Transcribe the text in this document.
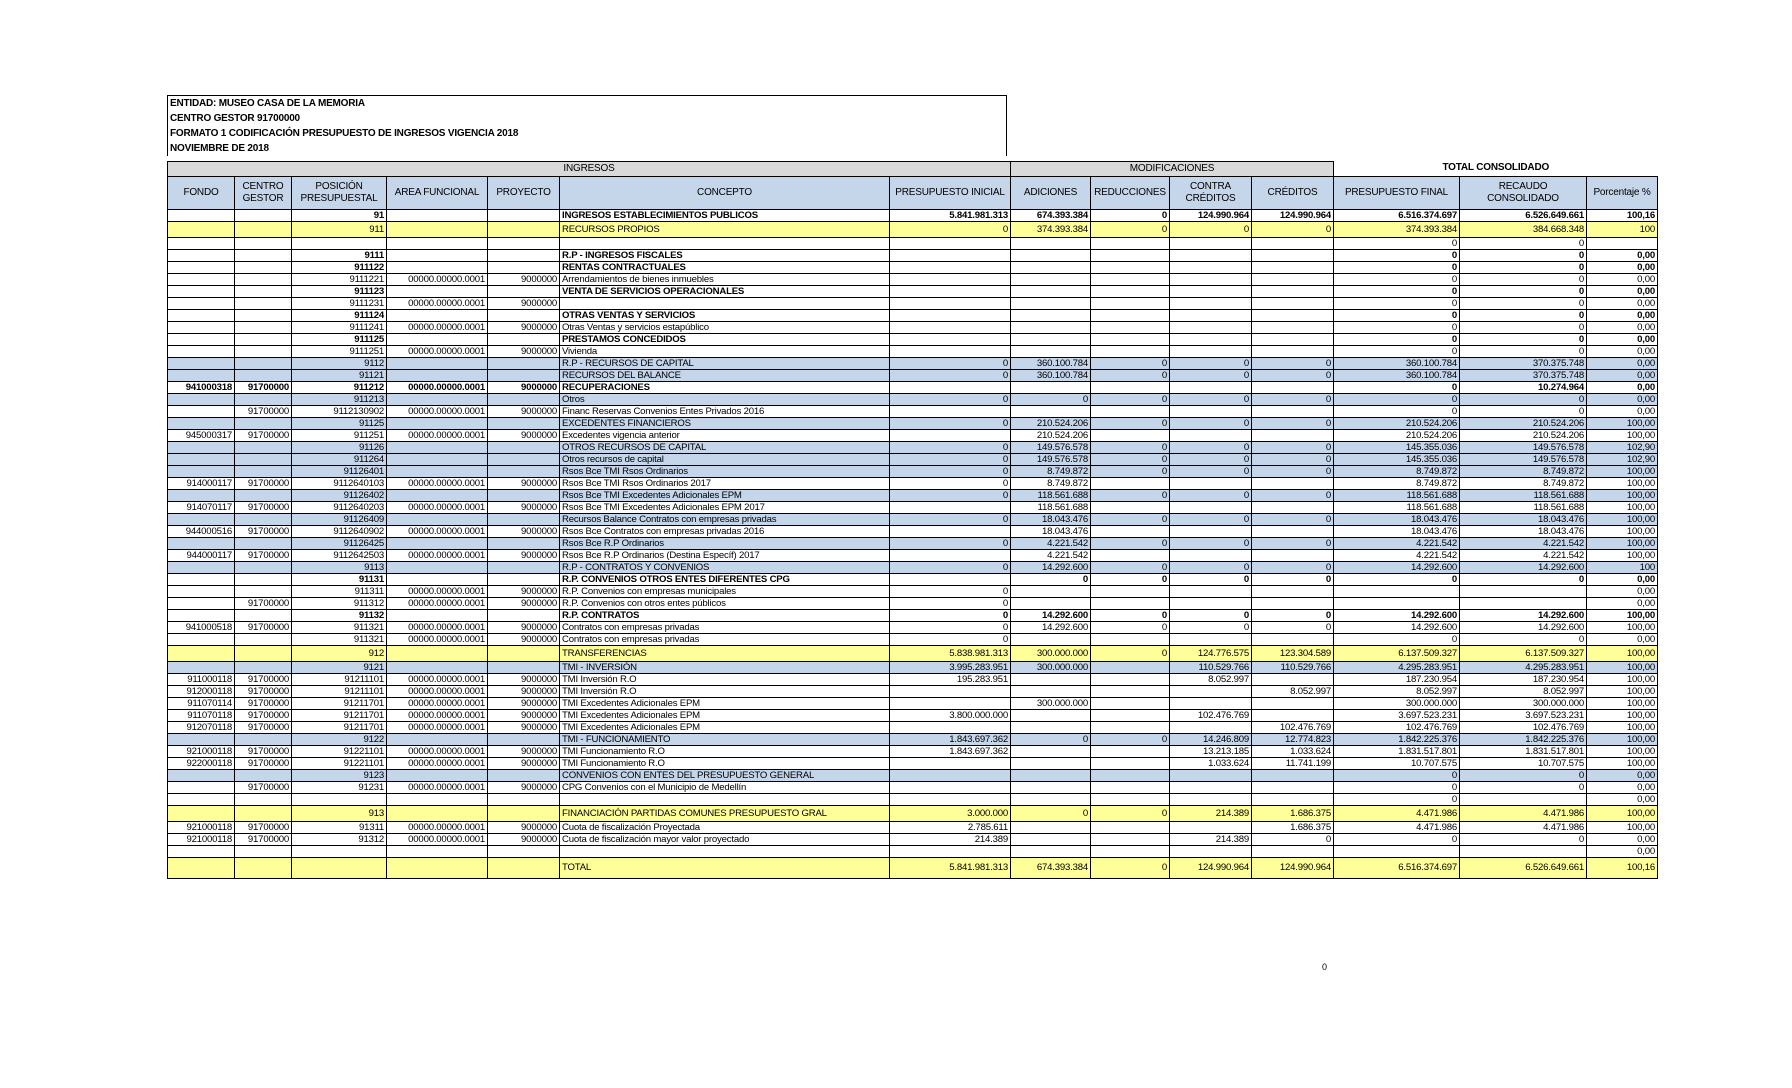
ENTIDAD: MUSEO CASA DE LA MEMORIA
CENTRO GESTOR 91700000
FORMATO 1 CODIFICACIÓN PRESUPUESTO DE INGRESOS VIGENCIA 2018
NOVIEMBRE DE 2018

INGRESOS							MODIFICACIONES				TOTAL CONSOLIDADO		
FONDO	CENTRO GESTOR	POSICIÓN PRESUPUESTAL	AREA FUNCIONAL	PROYECTO	CONCEPTO	PRESUPUESTO INICIAL	ADICIONES	REDUCCIONES	CONTRA CRÉDITOS	CRÉDITOS	PRESUPUESTO FINAL	RECAUDO CONSOLIDADO	Porcentaje %
		91			INGRESOS ESTABLECIMIENTOS PUBLICOS	5.841.981.313	674.393.384	0	124.990.964	124.990.964	6.516.374.697	6.526.649.661	100,16
		911			RECURSOS PROPIOS	0	374.393.384	0	0	0	374.393.384	384.668.348	100
											0	0	
		9111			R.P - INGRESOS FISCALES						0	0	0,00
		911122			RENTAS CONTRACTUALES						0	0	0,00
		9111221	00000.00000.0001	9000000	Arrendamientos de bienes inmuebles						0	0	0,00
		911123			VENTA DE SERVICIOS OPERACIONALES						0	0	0,00
		9111231	00000.00000.0001	9000000							0	0	0,00
		911124			OTRAS VENTAS Y SERVICIOS						0	0	0,00
		9111241	00000.00000.0001	9000000	Otras Ventas y servicios estapúblico						0	0	0,00
		911125			PRESTAMOS CONCEDIDOS						0	0	0,00
		9111251	00000.00000.0001	9000000	Vivienda						0	0	0,00
		9112			R.P - RECURSOS DE CAPITAL	0	360.100.784	0	0	0	360.100.784	370.375.748	0,00
		91121			RECURSOS DEL BALANCE	0	360.100.784	0	0	0	360.100.784	370.375.748	0,00
941000318	91700000	911212	00000.00000.0001	9000000	RECUPERACIONES						0	10.274.964	0,00
		911213			Otros	0	0	0	0	0	0	0	0,00
	91700000	9112130902	00000.00000.0001	9000000	Financ Reservas Convenios Entes Privados 2016						0	0	0,00
		91125			EXCEDENTES FINANCIEROS	0	210.524.206	0	0	0	210.524.206	210.524.206	100,00
945000317	91700000	911251	00000.00000.0001	9000000	Excedentes vigencia anterior		210.524.206				210.524.206	210.524.206	100,00
		91126			OTROS RECURSOS DE CAPITAL	0	149.576.578	0	0	0	145.355.036	149.576.578	102,90
		911264			Otros recursos de capital	0	149.576.578	0	0	0	145.355.036	149.576.578	102,90
		91126401			Rsos Bce TMI Rsos Ordinarios	0	8.749.872	0	0	0	8.749.872	8.749.872	100,00
914000117	91700000	9112640103	00000.00000.0001	9000000	Rsos Bce TMI Rsos Ordinarios 2017	0	8.749.872				8.749.872	8.749.872	100,00
		91126402			Rsos Bce TMI Excedentes Adicionales EPM	0	118.561.688	0	0	0	118.561.688	118.561.688	100,00
914070117	91700000	9112640203	00000.00000.0001	9000000	Rsos Bce TMI Excedentes Adicionales EPM 2017		118.561.688				118.561.688	118.561.688	100,00
		91126409			Recursos Balance Contratos con empresas privadas	0	18.043.476	0	0	0	18.043.476	18.043.476	100,00
944000516	91700000	9112640902	00000.00000.0001	9000000	Rsos Bce Contratos con empresas privadas 2016		18.043.476				18.043.476	18.043.476	100,00
		91126425			Rsos Bce R.P Ordinarios	0	4.221.542	0	0	0	4.221.542	4.221.542	100,00
944000117	91700000	9112642503	00000.00000.0001	9000000	Rsos Bce R.P Ordinarios (Destina Específ) 2017		4.221.542				4.221.542	4.221.542	100,00
		9113			R.P - CONTRATOS Y CONVENIOS	0	14.292.600	0	0	0	14.292.600	14.292.600	100
		91131			R.P. CONVENIOS OTROS ENTES DIFERENTES CPG		0	0	0	0	0	0	0,00
		911311	00000.00000.0001	9000000	R.P. Convenios con empresas municipales	0							0,00
	91700000	911312	00000.00000.0001	9000000	R.P. Convenios con otros entes públicos	0							0,00
		91132			R.P. CONTRATOS	0	14.292.600	0	0	0	14.292.600	14.292.600	100,00
941000518	91700000	911321	00000.00000.0001	9000000	Contratos con empresas privadas	0	14.292.600	0	0	0	14.292.600	14.292.600	100,00
		911321	00000.00000.0001	9000000	Contratos con empresas privadas	0					0	0	0,00
		912			TRANSFERENCIAS	5.838.981.313	300.000.000	0	124.776.575	123.304.589	6.137.509.327	6.137.509.327	100,00
		9121			TMI - INVERSIÓN	3.995.283.951	300.000.000		110.529.766	110.529.766	4.295.283.951	4.295.283.951	100,00
911000118	91700000	91211101	00000.00000.0001	9000000	TMI Inversión R.O	195.283.951			8.052.997		187.230.954	187.230.954	100,00
912000118	91700000	91211101	00000.00000.0001	9000000	TMI Inversión R.O					8.052.997	8.052.997	8.052.997	100,00
911070114	91700000	91211701	00000.00000.0001	9000000	TMI Excedentes Adicionales EPM		300.000.000				300.000.000	300.000.000	100,00
911070118	91700000	91211701	00000.00000.0001	9000000	TMI Excedentes Adicionales EPM	3.800.000.000			102.476.769		3.697.523.231	3.697.523.231	100,00
912070118	91700000	91211701	00000.00000.0001	9000000	TMI Excedentes Adicionales EPM					102.476.769	102.476.769	102.476.769	100,00
		9122			TMI - FUNCIONAMIENTO	1.843.697.362	0	0	14.246.809	12.774.823	1.842.225.376	1.842.225.376	100,00
921000118	91700000	91221101	00000.00000.0001	9000000	TMI Funcionamiento R.O	1.843.697.362			13.213.185	1.033.624	1.831.517.801	1.831.517.801	100,00
922000118	91700000	91221101	00000.00000.0001	9000000	TMI Funcionamiento R.O				1.033.624	11.741.199	10.707.575	10.707.575	100,00
		9123			CONVENIOS CON ENTES DEL PRESUPUESTO GENERAL						0	0	0,00
	91700000	91231	00000.00000.0001	9000000	CPG Convenios con el Municipio de Medellín						0	0	0,00
											0		0,00
		913			FINANCIACIÓN PARTIDAS COMUNES PRESUPUESTO GRAL	3.000.000	0	0	214.389	1.686.375	4.471.986	4.471.986	100,00
921000118	91700000	91311	00000.00000.0001	9000000	Cuota de fiscalización Proyectada	2.785.611				1.686.375	4.471.986	4.471.986	100,00
921000118	91700000	91312	00000.00000.0001	9000000	Cuota de fiscalización mayor valor proyectado	214.389			214.389	0	0	0	0,00
													0,00
					TOTAL	5.841.981.313	674.393.384	0	124.990.964	124.990.964	6.516.374.697	6.526.649.661	100,16
0
